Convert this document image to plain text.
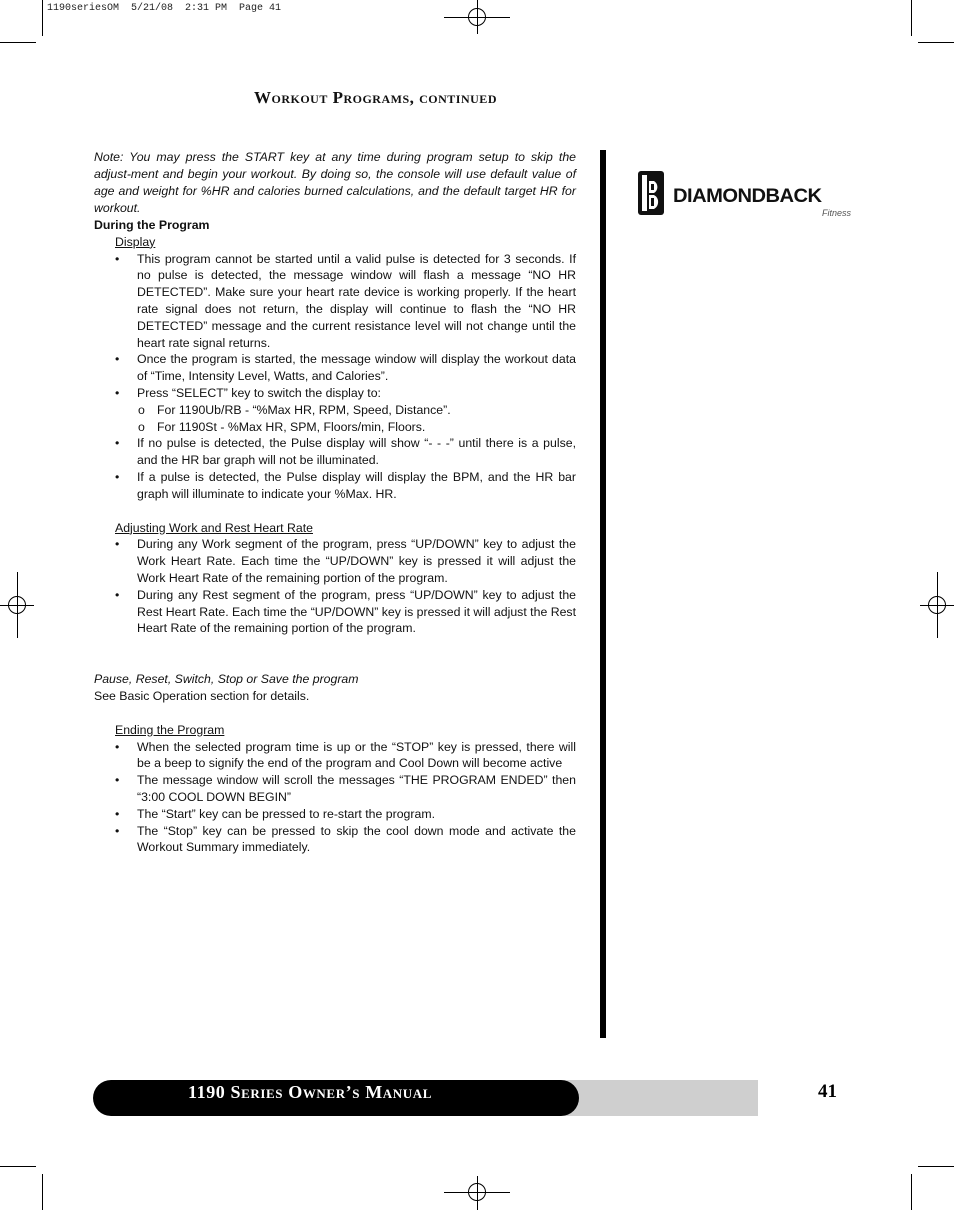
1190seriesOM  5/21/08  2:31 PM  Page 41
Workout Programs, continued
Note: You may press the START key at any time during program setup to skip the adjust-ment and begin your workout. By doing so, the console will use default value of age and weight for %HR and calories burned calculations, and the default target HR for workout.
During the Program
Display
• This program cannot be started until a valid pulse is detected for 3 seconds. If no pulse is detected, the message window will flash a message “NO HR DETECTED”. Make sure your heart rate device is working properly. If the heart rate signal does not return, the display will continue to flash the “NO HR DETECTED” message and the current resistance level will not change until the heart rate signal returns.
• Once the program is started, the message window will display the workout data of “Time, Intensity Level, Watts, and Calories”.
• Press “SELECT” key to switch the display to:
o For 1190Ub/RB - “%Max HR, RPM, Speed, Distance”.
o For 1190St - %Max HR, SPM, Floors/min, Floors.
• If no pulse is detected, the Pulse display will show “- - -” until there is a pulse, and the HR bar graph will not be illuminated.
• If a pulse is detected, the Pulse display will display the BPM, and the HR bar graph will illuminate to indicate your %Max. HR.
Adjusting Work and Rest Heart Rate
• During any Work segment of the program, press “UP/DOWN” key to adjust the Work Heart Rate. Each time the “UP/DOWN” key is pressed it will adjust the Work Heart Rate of the remaining portion of the program.
• During any Rest segment of the program, press “UP/DOWN” key to adjust the Rest Heart Rate. Each time the “UP/DOWN” key is pressed it will adjust the Rest Heart Rate of the remaining portion of the program.
Pause, Reset, Switch, Stop or Save the program
See Basic Operation section for details.
Ending the Program
• When the selected program time is up or the “STOP” key is pressed, there will be a beep to signify the end of the program and Cool Down will become active
• The message window will scroll the messages “THE PROGRAM ENDED” then “3:00 COOL DOWN BEGIN”
• The “Start” key can be pressed to re-start the program.
• The “Stop” key can be pressed to skip the cool down mode and activate the Workout Summary immediately.
DIAMONDBACK
Fitness
1190 Series Owner’s Manual	41
